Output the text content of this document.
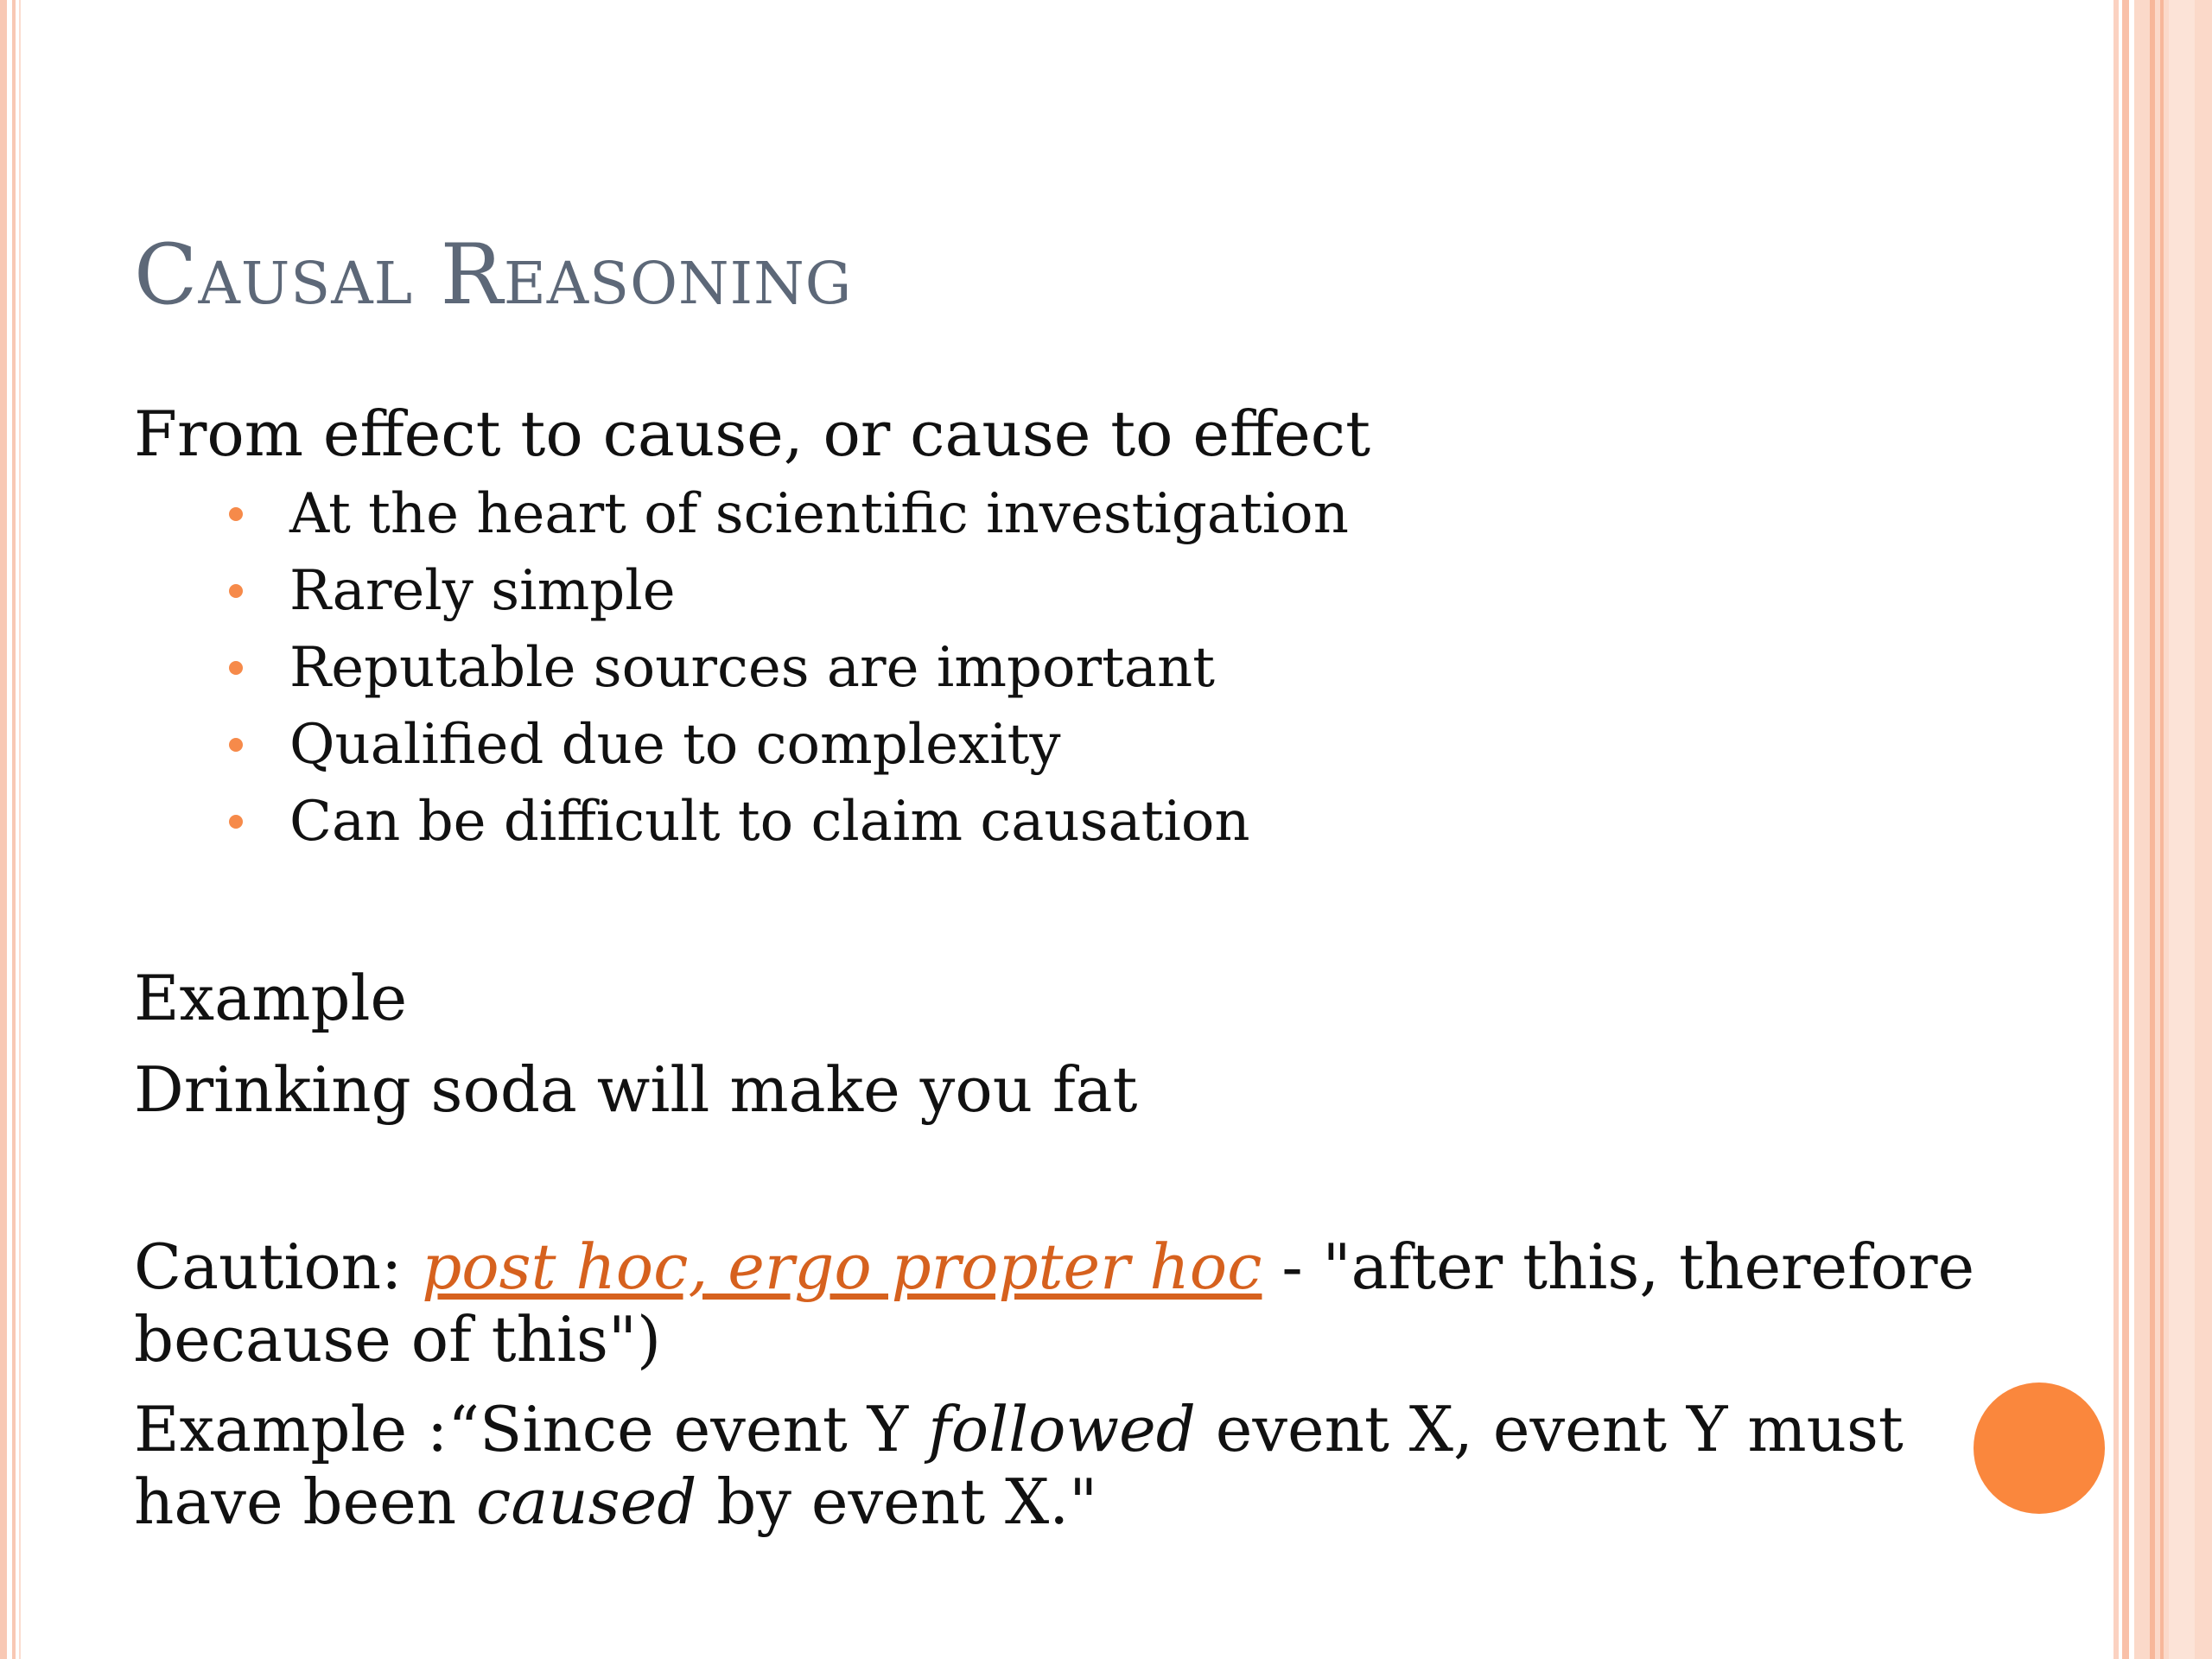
Causal Reasoning

From effect to cause, or cause to effect

At the heart of scientific investigation
Rarely simple
Reputable sources are important
Qualified due to complexity
Can be difficult to claim causation

Example

Drinking soda will make you fat

Caution: post hoc, ergo propter hoc - "after this, therefore because of this")

Example :“Since event Y followed event X, event Y must have been caused by event X."
